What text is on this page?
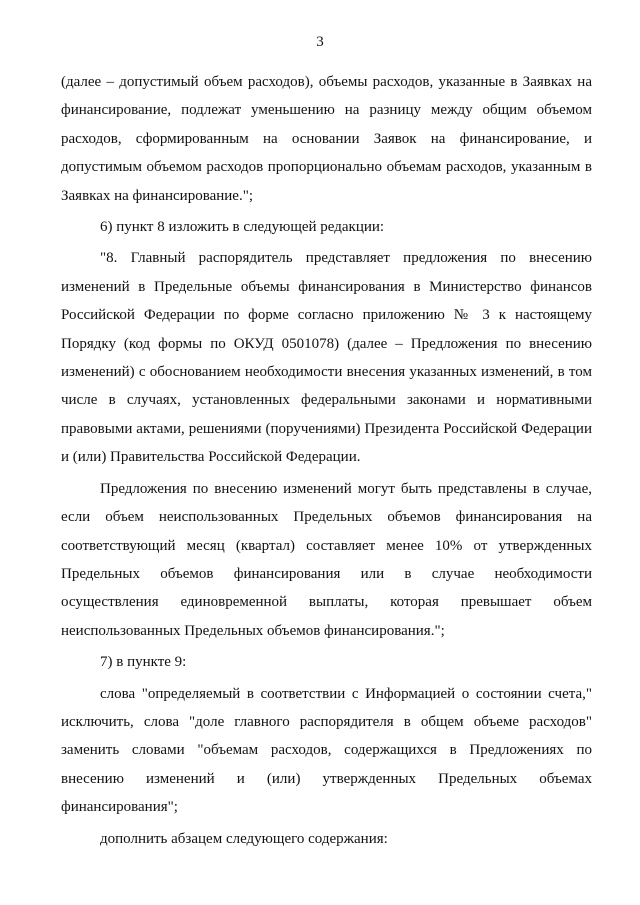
3

(далее – допустимый объем расходов), объемы расходов, указанные в Заявках на финансирование, подлежат уменьшению на разницу между общим объемом расходов, сформированным на основании Заявок на финансирование, и допустимым объемом расходов пропорционально объемам расходов, указанным в Заявках на финансирование.";

6) пункт 8 изложить в следующей редакции:

"8. Главный распорядитель представляет предложения по внесению изменений в Предельные объемы финансирования в Министерство финансов Российской Федерации по форме согласно приложению № 3 к настоящему Порядку (код формы по ОКУД 0501078) (далее – Предложения по внесению изменений) с обоснованием необходимости внесения указанных изменений, в том числе в случаях, установленных федеральными законами и нормативными правовыми актами, решениями (поручениями) Президента Российской Федерации и (или) Правительства Российской Федерации.

Предложения по внесению изменений могут быть представлены в случае, если объем неиспользованных Предельных объемов финансирования на соответствующий месяц (квартал) составляет менее 10% от утвержденных Предельных объемов финансирования или в случае необходимости осуществления единовременной выплаты, которая превышает объем неиспользованных Предельных объемов финансирования.";

7) в пункте 9:

слова "определяемый в соответствии с Информацией о состоянии счета," исключить, слова "доле главного распорядителя в общем объеме расходов" заменить словами "объемам расходов, содержащихся в Предложениях по внесению изменений и (или) утвержденных Предельных объемах финансирования";

дополнить абзацем следующего содержания:
